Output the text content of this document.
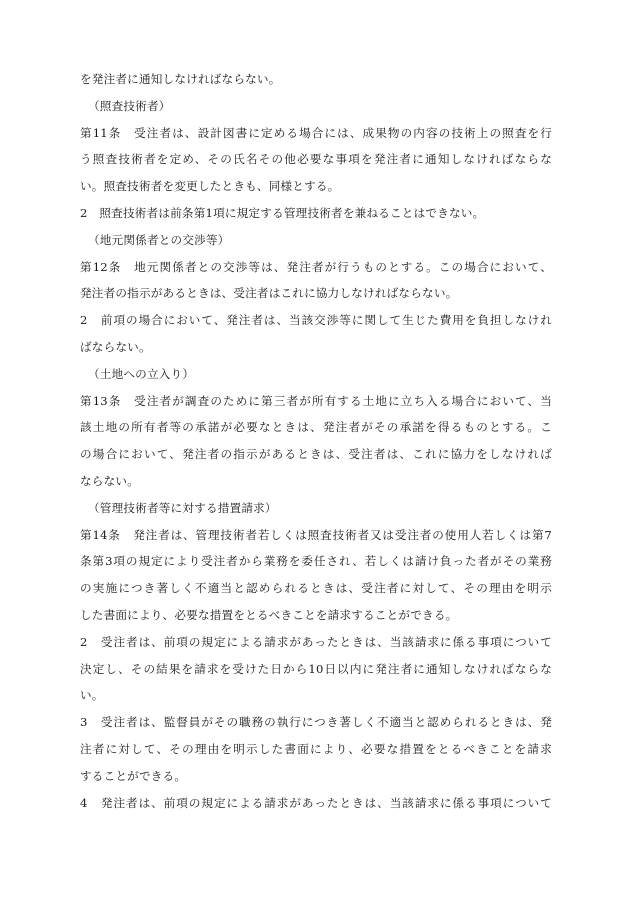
を発注者に通知しなければならない。
（照査技術者）
第11条　受注者は、設計図書に定める場合には、成果物の内容の技術上の照査を行
う照査技術者を定め、その氏名その他必要な事項を発注者に通知しなければならな
い。照査技術者を変更したときも、同様とする。
2　照査技術者は前条第1項に規定する管理技術者を兼ねることはできない。
（地元関係者との交渉等）
第12条　地元関係者との交渉等は、発注者が行うものとする。この場合において、
発注者の指示があるときは、受注者はこれに協力しなければならない。
2　前項の場合において、発注者は、当該交渉等に関して生じた費用を負担しなけれ
ばならない。
（土地への立入り）
第13条　受注者が調査のために第三者が所有する土地に立ち入る場合において、当
該土地の所有者等の承諾が必要なときは、発注者がその承諾を得るものとする。こ
の場合において、発注者の指示があるときは、受注者は、これに協力をしなければ
ならない。
（管理技術者等に対する措置請求）
第14条　発注者は、管理技術者若しくは照査技術者又は受注者の使用人若しくは第7
条第3項の規定により受注者から業務を委任され、若しくは請け負った者がその業務
の実施につき著しく不適当と認められるときは、受注者に対して、その理由を明示
した書面により、必要な措置をとるべきことを請求することができる。
2　受注者は、前項の規定による請求があったときは、当該請求に係る事項について
決定し、その結果を請求を受けた日から10日以内に発注者に通知しなければならな
い。
3　受注者は、監督員がその職務の執行につき著しく不適当と認められるときは、発
注者に対して、その理由を明示した書面により、必要な措置をとるべきことを請求
することができる。
4　発注者は、前項の規定による請求があったときは、当該請求に係る事項について
